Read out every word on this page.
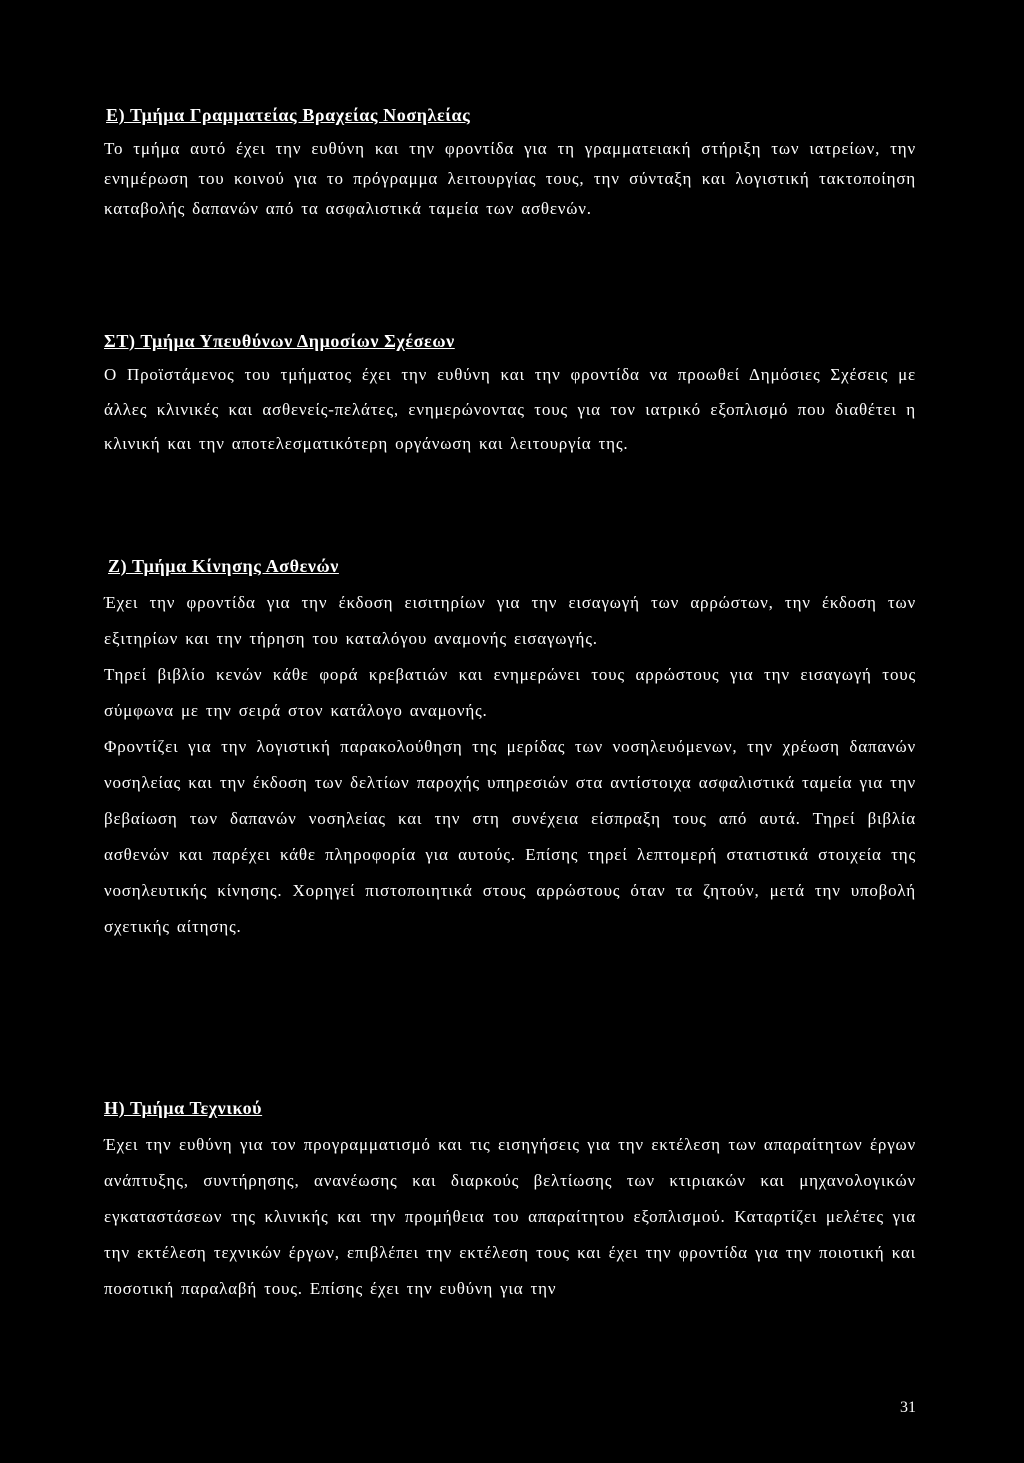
Ε) Τμήμα Γραμματείας Βραχείας Νοσηλείας

Το τμήμα αυτό έχει την ευθύνη και την φροντίδα για τη γραμματειακή στήριξη των ιατρείων, την ενημέρωση του κοινού για το πρόγραμμα λειτουργίας τους, την σύνταξη και λογιστική τακτοποίηση καταβολής δαπανών από τα ασφαλιστικά ταμεία των ασθενών.

ΣΤ) Τμήμα Υπευθύνων Δημοσίων Σχέσεων

Ο Προϊστάμενος του τμήματος έχει την ευθύνη και την φροντίδα να προωθεί Δημόσιες Σχέσεις με άλλες κλινικές και ασθενείς-πελάτες, ενημερώνοντας τους για τον ιατρικό εξοπλισμό που διαθέτει η κλινική και την αποτελεσματικότερη οργάνωση και λειτουργία της.

Ζ) Τμήμα Κίνησης Ασθενών

Έχει την φροντίδα για την έκδοση εισιτηρίων για την εισαγωγή των αρρώστων, την έκδοση των εξιτηρίων και την τήρηση του καταλόγου αναμονής εισαγωγής.

Τηρεί βιβλίο κενών κάθε φορά κρεβατιών και ενημερώνει τους αρρώστους για την εισαγωγή τους σύμφωνα με την σειρά στον κατάλογο αναμονής.

Φροντίζει για την λογιστική παρακολούθηση της μερίδας των νοσηλευόμενων, την χρέωση δαπανών νοσηλείας και την έκδοση των δελτίων παροχής υπηρεσιών στα αντίστοιχα ασφαλιστικά ταμεία για την βεβαίωση των δαπανών νοσηλείας και την στη συνέχεια είσπραξη τους από αυτά. Τηρεί βιβλία ασθενών και παρέχει κάθε πληροφορία για αυτούς. Επίσης τηρεί λεπτομερή στατιστικά στοιχεία της νοσηλευτικής κίνησης. Χορηγεί πιστοποιητικά στους αρρώστους όταν τα ζητούν, μετά την υποβολή σχετικής αίτησης.

Η) Τμήμα Τεχνικού

Έχει την ευθύνη για τον προγραμματισμό και τις εισηγήσεις για την εκτέλεση των απαραίτητων έργων ανάπτυξης, συντήρησης, ανανέωσης και διαρκούς βελτίωσης των κτιριακών και μηχανολογικών εγκαταστάσεων της κλινικής και την προμήθεια του απαραίτητου εξοπλισμού. Καταρτίζει μελέτες για την εκτέλεση τεχνικών έργων, επιβλέπει την εκτέλεση τους και έχει την φροντίδα για την ποιοτική και ποσοτική παραλαβή τους. Επίσης έχει την ευθύνη για την

31
